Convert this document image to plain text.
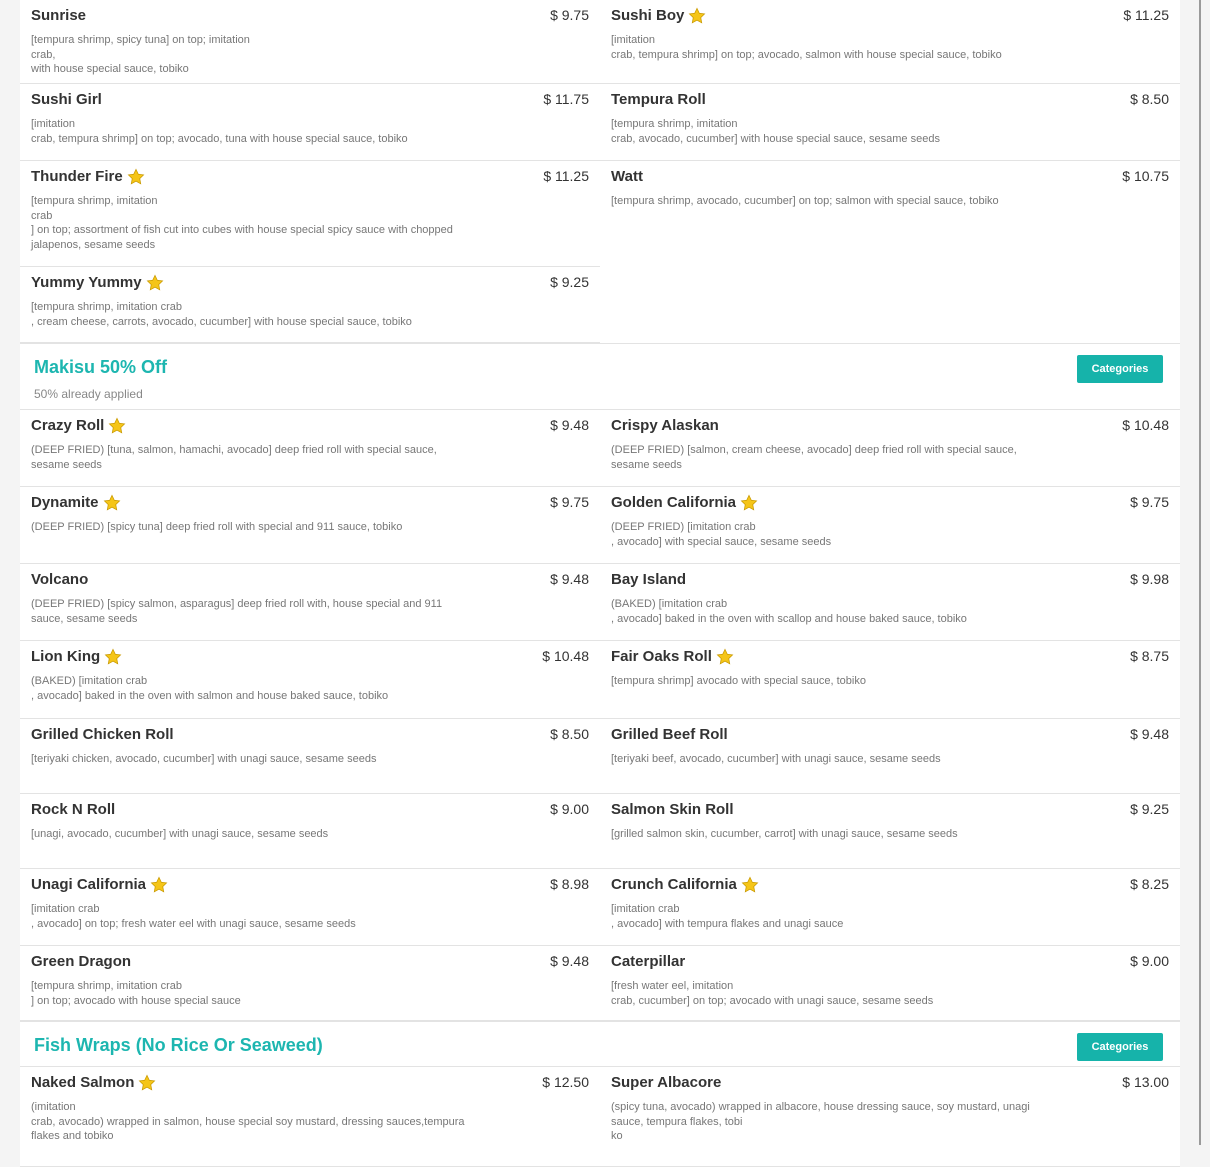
Sunrise	$ 9.75
[tempura shrimp, spicy tuna] on top; imitation
crab,
with house special sauce, tobiko
Sushi Boy	$ 11.25
[imitation
crab, tempura shrimp] on top; avocado, salmon with house special sauce, tobiko
Sushi Girl	$ 11.75
[imitation
crab, tempura shrimp] on top; avocado, tuna with house special sauce, tobiko
Tempura Roll	$ 8.50
[tempura shrimp, imitation
crab, avocado, cucumber] with house special sauce, sesame seeds
Thunder Fire	$ 11.25
[tempura shrimp, imitation
crab
] on top; assortment of fish cut into cubes with house special spicy sauce with chopped
jalapenos, sesame seeds
Watt	$ 10.75
[tempura shrimp, avocado, cucumber] on top; salmon with special sauce, tobiko
Yummy Yummy	$ 9.25
[tempura shrimp, imitation crab
, cream cheese, carrots, avocado, cucumber] with house special sauce, tobiko
Makisu 50% Off
50% already applied
Categories
Crazy Roll	$ 9.48
(DEEP FRIED) [tuna, salmon, hamachi, avocado] deep fried roll with special sauce,
sesame seeds
Crispy Alaskan	$ 10.48
(DEEP FRIED) [salmon, cream cheese, avocado] deep fried roll with special sauce,
sesame seeds
Dynamite	$ 9.75
(DEEP FRIED) [spicy tuna] deep fried roll with special and 911 sauce, tobiko
Golden California	$ 9.75
(DEEP FRIED) [imitation crab
, avocado] with special sauce, sesame seeds
Volcano	$ 9.48
(DEEP FRIED) [spicy salmon, asparagus] deep fried roll with, house special and 911
sauce, sesame seeds
Bay Island	$ 9.98
(BAKED) [imitation crab
, avocado] baked in the oven with scallop and house baked sauce, tobiko
Lion King	$ 10.48
(BAKED) [imitation crab
, avocado] baked in the oven with salmon and house baked sauce, tobiko
Fair Oaks Roll	$ 8.75
[tempura shrimp] avocado with special sauce, tobiko
Grilled Chicken Roll	$ 8.50
[teriyaki chicken, avocado, cucumber] with unagi sauce, sesame seeds
Grilled Beef Roll	$ 9.48
[teriyaki beef, avocado, cucumber] with unagi sauce, sesame seeds
Rock N Roll	$ 9.00
[unagi, avocado, cucumber] with unagi sauce, sesame seeds
Salmon Skin Roll	$ 9.25
[grilled salmon skin, cucumber, carrot] with unagi sauce, sesame seeds
Unagi California	$ 8.98
[imitation crab
, avocado] on top; fresh water eel with unagi sauce, sesame seeds
Crunch California	$ 8.25
[imitation crab
, avocado] with tempura flakes and unagi sauce
Green Dragon	$ 9.48
[tempura shrimp, imitation crab
] on top; avocado with house special sauce
Caterpillar	$ 9.00
[fresh water eel, imitation
crab, cucumber] on top; avocado with unagi sauce, sesame seeds
Fish Wraps (No Rice Or Seaweed)	Categories
Naked Salmon	$ 12.50
(imitation
crab, avocado) wrapped in salmon, house special soy mustard, dressing sauces,tempura
flakes and tobiko
Super Albacore	$ 13.00
(spicy tuna, avocado) wrapped in albacore, house dressing sauce, soy mustard, unagi
sauce, tempura flakes, tobi
ko
